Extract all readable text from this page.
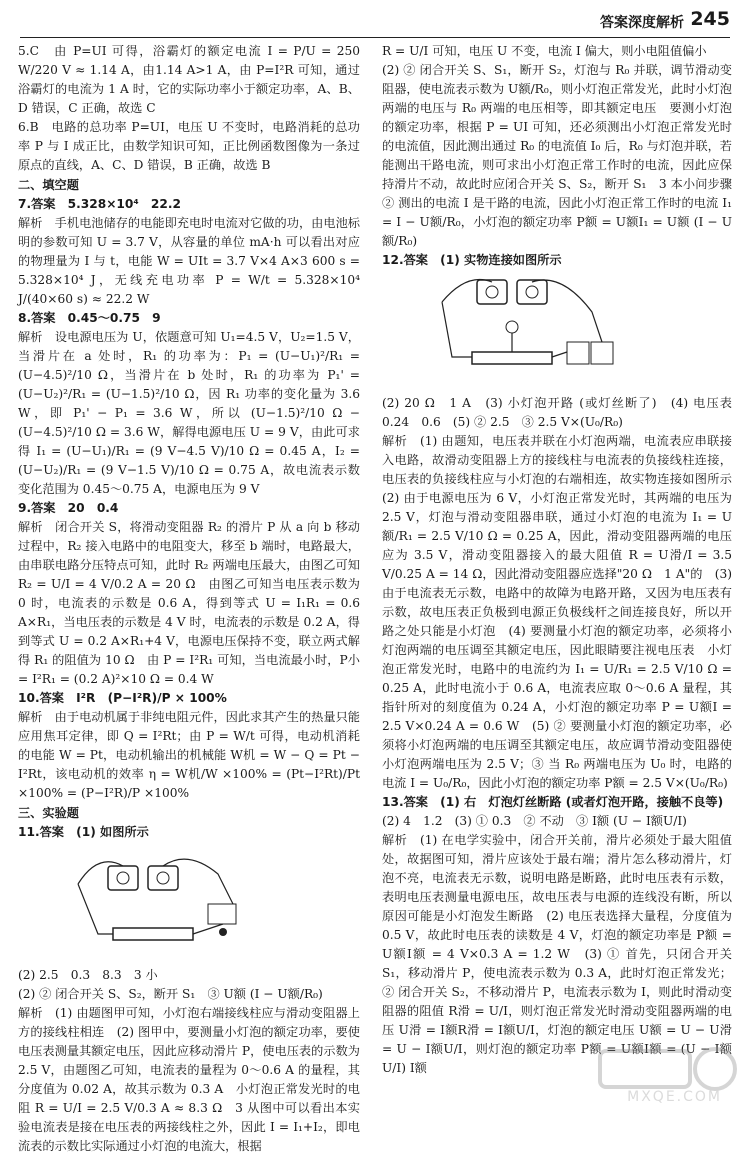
答案深度解析 245

5.C　由 P=UI 可得，浴霸灯的额定电流 I = P/U = 250 W/220 V ≈ 1.14 A，由1.14 A>1 A，由 P=I²R 可知，通过浴霸灯的电流为 1 A 时，它的实际功率小于额定功率，A、B、D 错误，C 正确，故选 C

6.B　电路的总功率 P=UI，电压 U 不变时，电路消耗的总功率 P 与 I 成正比，由数学知识可知，正比例函数图像为一条过原点的直线，A、C、D 错误，B 正确，故选 B

二、填空题

7.答案　5.328×10⁴　22.2

解析　手机电池储存的电能即充电时电流对它做的功，由电池标明的参数可知 U = 3.7 V，从容量的单位 mA·h 可以看出对应的物理量为 I 与 t，电能 W = UIt = 3.7 V×4 A×3 600 s = 5.328×10⁴ J，无线充电功率 P = W/t = 5.328×10⁴ J/(40×60 s) ≈ 22.2 W

8.答案　0.45～0.75　9

解析　设电源电压为 U，依题意可知 U₁=4.5 V，U₂=1.5 V，当滑片在 a 处时，R₁ 的功率为：P₁ = (U−U₁)²/R₁ = (U−4.5)²/10 Ω，当滑片在 b 处时，R₁ 的功率为 P₁' = (U−U₂)²/R₁ = (U−1.5)²/10 Ω，因 R₁ 功率的变化量为 3.6 W，即 P₁' − P₁ = 3.6 W，所以 (U−1.5)²/10 Ω − (U−4.5)²/10 Ω = 3.6 W，解得电源电压 U = 9 V，由此可求得 I₁ = (U−U₁)/R₁ = (9 V−4.5 V)/10 Ω = 0.45 A，I₂ = (U−U₂)/R₁ = (9 V−1.5 V)/10 Ω = 0.75 A，故电流表示数变化范围为 0.45～0.75 A，电源电压为 9 V

9.答案　20　0.4

解析　闭合开关 S，将滑动变阻器 R₂ 的滑片 P 从 a 向 b 移动过程中，R₂ 接入电路中的电阻变大，移至 b 端时，电路最大，由串联电路分压特点可知，此时 R₂ 两端电压最大，由图乙可知 R₂ = U/I = 4 V/0.2 A = 20 Ω　由图乙可知当电压表示数为 0 时，电流表的示数是 0.6 A，得到等式 U = I₁R₁ = 0.6 A×R₁，当电压表的示数是 4 V 时，电流表的示数是 0.2 A，得到等式 U = 0.2 A×R₁+4 V，电源电压保持不变，联立两式解得 R₁ 的阻值为 10 Ω　由 P = I²R₁ 可知，当电流最小时，P小 = I²R₁ = (0.2 A)²×10 Ω = 0.4 W

10.答案　I²R　(P−I²R)/P × 100%

解析　由于电动机属于非纯电阻元件，因此求其产生的热量只能应用焦耳定律，即 Q = I²Rt；由 P = W/t 可得，电动机消耗的电能 W = Pt，电动机输出的机械能 W机 = W − Q = Pt − I²Rt，该电动机的效率 η = W机/W ×100% = (Pt−I²Rt)/Pt ×100% = (P−I²R)/P ×100%

三、实验题

11.答案　(1) 如图所示

(2) 2.5　0.3　8.3　3 小

(2) ② 闭合开关 S、S₂，断开 S₁　③ U额 (I − U额/R₀)

解析　(1) 由题图甲可知，小灯泡右端接线柱应与滑动变阻器上方的接线柱相连　(2) 图甲中，要测量小灯泡的额定功率，要使电压表测量其额定电压，因此应移动滑片 P，使电压表的示数为 2.5 V，由题图乙可知，电流表的量程为 0～0.6 A 的量程，其分度值为 0.02 A，故其示数为 0.3 A　小灯泡正常发光时的电阻 R = U/I = 2.5 V/0.3 A ≈ 8.3 Ω　3 从图中可以看出本实验电流表是接在电压表的两接线柱之外，因此 I = I₁+I₂，即电流表的示数比实际通过小灯泡的电流大，根据

R = U/I 可知，电压 U 不变，电流 I 偏大，则小电阻值偏小

(2) ② 闭合开关 S、S₁，断开 S₂，灯泡与 R₀ 并联，调节滑动变阻器，使电流表示数为 U额/R₀，则小灯泡正常发光，此时小灯泡两端的电压与 R₀ 两端的电压相等，即其额定电压　要测小灯泡的额定功率，根据 P = UI 可知，还必须测出小灯泡正常发光时的电流值，因此测出通过 R₀ 的电流值 I₀ 后，R₀ 与灯泡并联，若能测出干路电流，则可求出小灯泡正常工作时的电流，因此应保持滑片不动，故此时应闭合开关 S、S₂，断开 S₁　3 本小问步骤 ② 测出的电流 I 是干路的电流，因此小灯泡正常工作时的电流 I₁ = I − U额/R₀，小灯泡的额定功率 P额 = U额I₁ = U额 (I − U额/R₀)

12.答案　(1) 实物连接如图所示

(2) 20 Ω　1 A　(3) 小灯泡开路 (或灯丝断了)　(4) 电压表　0.24　0.6　(5) ② 2.5　③ 2.5 V×(U₀/R₀)

解析　(1) 由题知，电压表并联在小灯泡两端，电流表应串联接入电路，故滑动变阻器上方的接线柱与电流表的负接线柱连接，电压表的负接线柱应与小灯泡的右端相连，故实物连接如图所示　(2) 由于电源电压为 6 V，小灯泡正常发光时，其两端的电压为 2.5 V，灯泡与滑动变阻器串联，通过小灯泡的电流为 I₁ = U额/R₁ = 2.5 V/10 Ω = 0.25 A，因此，滑动变阻器两端的电压应为 3.5 V，滑动变阻器接入的最大阻值 R = U滑/I = 3.5 V/0.25 A = 14 Ω，因此滑动变阻器应选择"20 Ω　1 A"的　(3) 由于电流表无示数，电路中的故障为电路开路，又因为电压表有示数，故电压表正负极到电源正负极线杆之间连接良好，所以开路之处只能是小灯泡　(4) 要测量小灯泡的额定功率，必须将小灯泡两端的电压调至其额定电压，因此眼睛要注视电压表　小灯泡正常发光时，电路中的电流约为 I₁ = U/R₁ = 2.5 V/10 Ω = 0.25 A，此时电流小于 0.6 A，电流表应取 0～0.6 A 量程，其指针所对的刻度值为 0.24 A，小灯泡的额定功率 P = U额I = 2.5 V×0.24 A = 0.6 W　(5) ② 要测量小灯泡的额定功率，必须将小灯泡两端的电压调至其额定电压，故应调节滑动变阻器使小灯泡两端电压为 2.5 V；③ 当 R₀ 两端电压为 U₀ 时，电路的电流 I = U₀/R₀，因此小灯泡的额定功率 P额 = 2.5 V×(U₀/R₀)

13.答案　(1) 右　灯泡灯丝断路 (或者灯泡开路，接触不良等)

(2) 4　1.2　(3) ① 0.3　② 不动　③ I额 (U − I额U/I)

解析　(1) 在电学实验中，闭合开关前，滑片必须处于最大阻值处，故据图可知，滑片应该处于最右端；滑片怎么移动滑片，灯泡不亮，电流表无示数，说明电路是断路，此时电压表有示数，表明电压表测量电源电压，故电压表与电源的连线没有断，所以原因可能是小灯泡发生断路　(2) 电压表选择大量程，分度值为 0.5 V，故此时电压表的读数是 4 V，灯泡的额定功率是 P额 = U额I额 = 4 V×0.3 A = 1.2 W　(3) ① 首先，只闭合开关 S₁，移动滑片 P，使电流表示数为 0.3 A，此时灯泡正常发光；② 闭合开关 S₂，不移动滑片 P，电流表示数为 I，则此时滑动变阻器的阻值 R滑 = U/I，则灯泡正常发光时滑动变阻器两端的电压 U滑 = I额R滑 = I额U/I，灯泡的额定电压 U额 = U − U滑 = U − I额U/I，则灯泡的额定功率 P额 = U额I额 = (U − I额U/I) I额

MXQE.COM
